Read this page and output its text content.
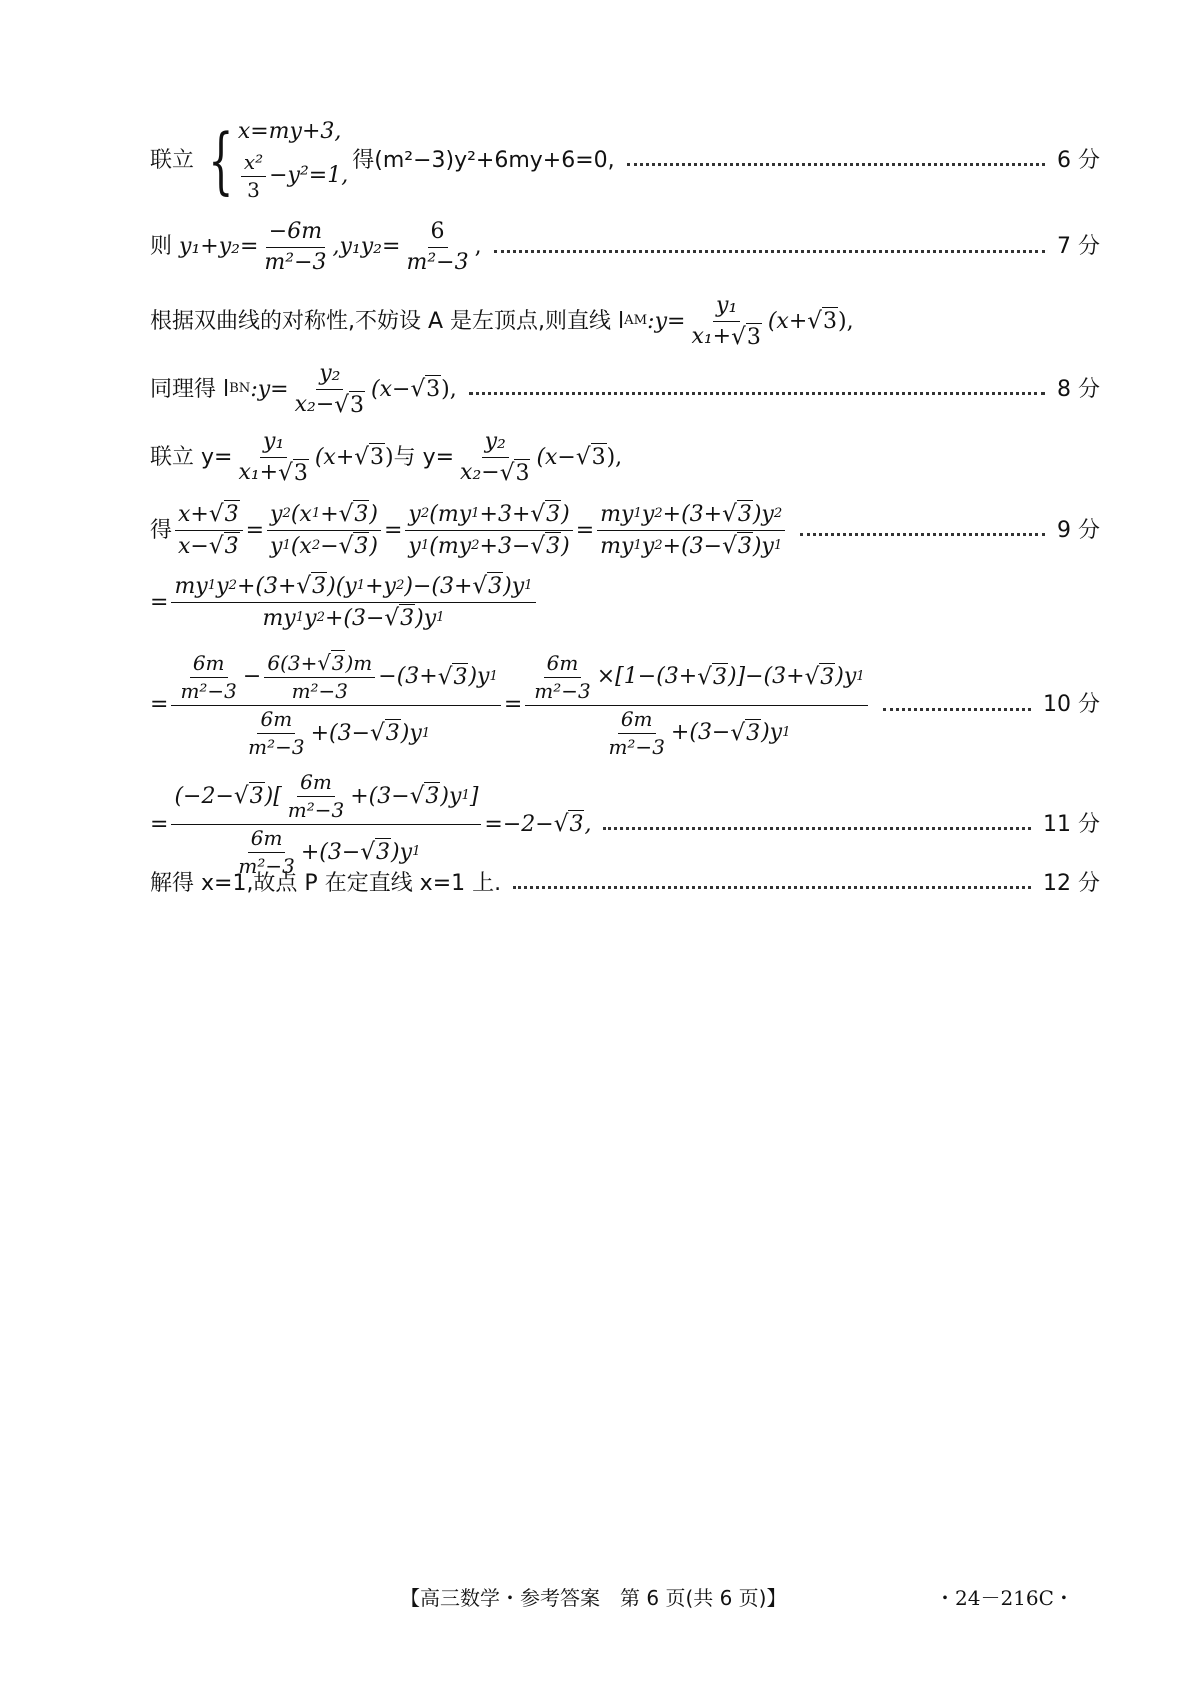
联立 { x=my+3,
$\frac{\text{x²}}{3} -y^2=1$,
得(m²−3)y²+6my+6=0,	6 分
则
$y_1+y_2= \frac{-6m}{\text{m²−3}} ,y_1y_2= \frac{6}{\text{m²−3}}$ ,	7 分
根据双曲线的对称性,不妨设 A 是左顶点,则直线 l AM :y= $\frac{\text{y₁}}{\text{x₁+ √ 3}} (x+$ √ 3 ),
同理得 l BN :y= $\frac{\text{y₂}}{\text{x₂− √ 3}} (x-$ √ 3 ),	8 分
联立 $y= \frac{\text{y₁}}{\text{x₁+ √ 3}} (x+$ √ 3 ) 与 $y= \frac{\text{y₂}}{\text{x₂− √ 3}} (x-$ √ 3 ),
得 $\frac{x+ √ 3}{x- √ 3} = \frac{y 2 (x 1 + √ 3 )}{y 1 (x 2 - √ 3 )} = \frac{y 2 (my 1 +3+ √ 3 )}{y 1 (my 2 +3- √ 3 )} = \frac{my 1 y 2 +(3+ √ 3 )y 2}{my 1 y 2 +(3- √ 3 )y 1}$	9 分
= $\frac{my 1 y 2 +(3+ √ 3 )(y 1 +y 2 )-(3+ √ 3 )y 1}{my 1 y 2 +(3- √ 3 )y 1}$
= $\frac{\frac{6m}{\text{m²−3}} - \frac{6(3+ √ 3 )m}{\text{m²−3}} -(3+ √ 3 )y 1}{\frac{6m}{\text{m²−3}} +(3- √ 3 )y 1} = \frac{\frac{6m}{\text{m²−3}} \times[1-(3+ √ 3 )]-(3+ √ 3 )y 1}{\frac{6m}{\text{m²−3}} +(3- √ 3 )y 1}$	10 分
= $\frac{(-2- √ 3 )[ \frac{6m}{\text{m²−3}} +(3- √ 3 )y 1 ]}{\frac{6m}{\text{m²−3}} +(3- √ 3 )y 1} =-2-$ √ 3 ,	11 分
解得 x=1,故点 P 在定直线 x=1 上.	12 分
【高三数学・参考答案　第 6 页(共 6 页)】	・24－216C・
